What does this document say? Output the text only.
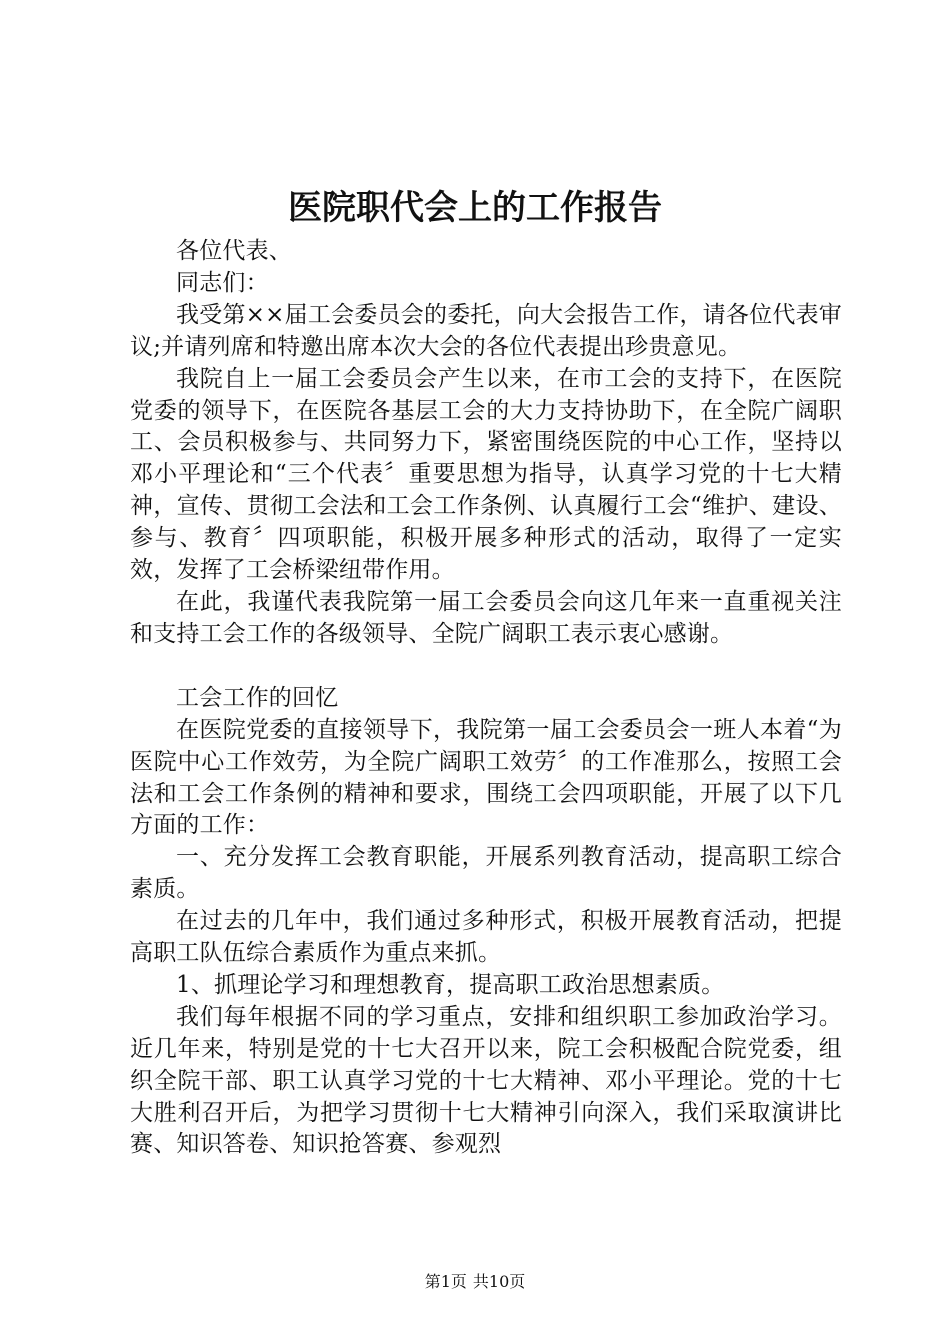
医院职代会上的工作报告

各位代表、

同志们：

我受第××届工会委员会的委托，向大会报告工作，请各位代表审议;并请列席和特邀出席本次大会的各位代表提出珍贵意见。

我院自上一届工会委员会产生以来，在市工会的支持下，在医院党委的领导下，在医院各基层工会的大力支持协助下，在全院广阔职工、会员积极参与、共同努力下，紧密围绕医院的中心工作，坚持以邓小平理论和“三个代表〞重要思想为指导，认真学习党的十七大精神，宣传、贯彻工会法和工会工作条例、认真履行工会“维护、建设、参与、教育〞四项职能，积极开展多种形式的活动，取得了一定实效，发挥了工会桥梁纽带作用。

在此，我谨代表我院第一届工会委员会向这几年来一直重视关注和支持工会工作的各级领导、全院广阔职工表示衷心感谢。

工会工作的回忆

在医院党委的直接领导下，我院第一届工会委员会一班人本着“为医院中心工作效劳，为全院广阔职工效劳〞的工作准那么，按照工会法和工会工作条例的精神和要求，围绕工会四项职能，开展了以下几方面的工作：

一、充分发挥工会教育职能，开展系列教育活动，提高职工综合素质。

在过去的几年中，我们通过多种形式，积极开展教育活动，把提高职工队伍综合素质作为重点来抓。

1、抓理论学习和理想教育，提高职工政治思想素质。

我们每年根据不同的学习重点，安排和组织职工参加政治学习。近几年来，特别是党的十七大召开以来，院工会积极配合院党委，组织全院干部、职工认真学习党的十七大精神、邓小平理论。党的十七大胜利召开后，为把学习贯彻十七大精神引向深入，我们采取演讲比赛、知识答卷、知识抢答赛、参观烈

第1页 共10页
